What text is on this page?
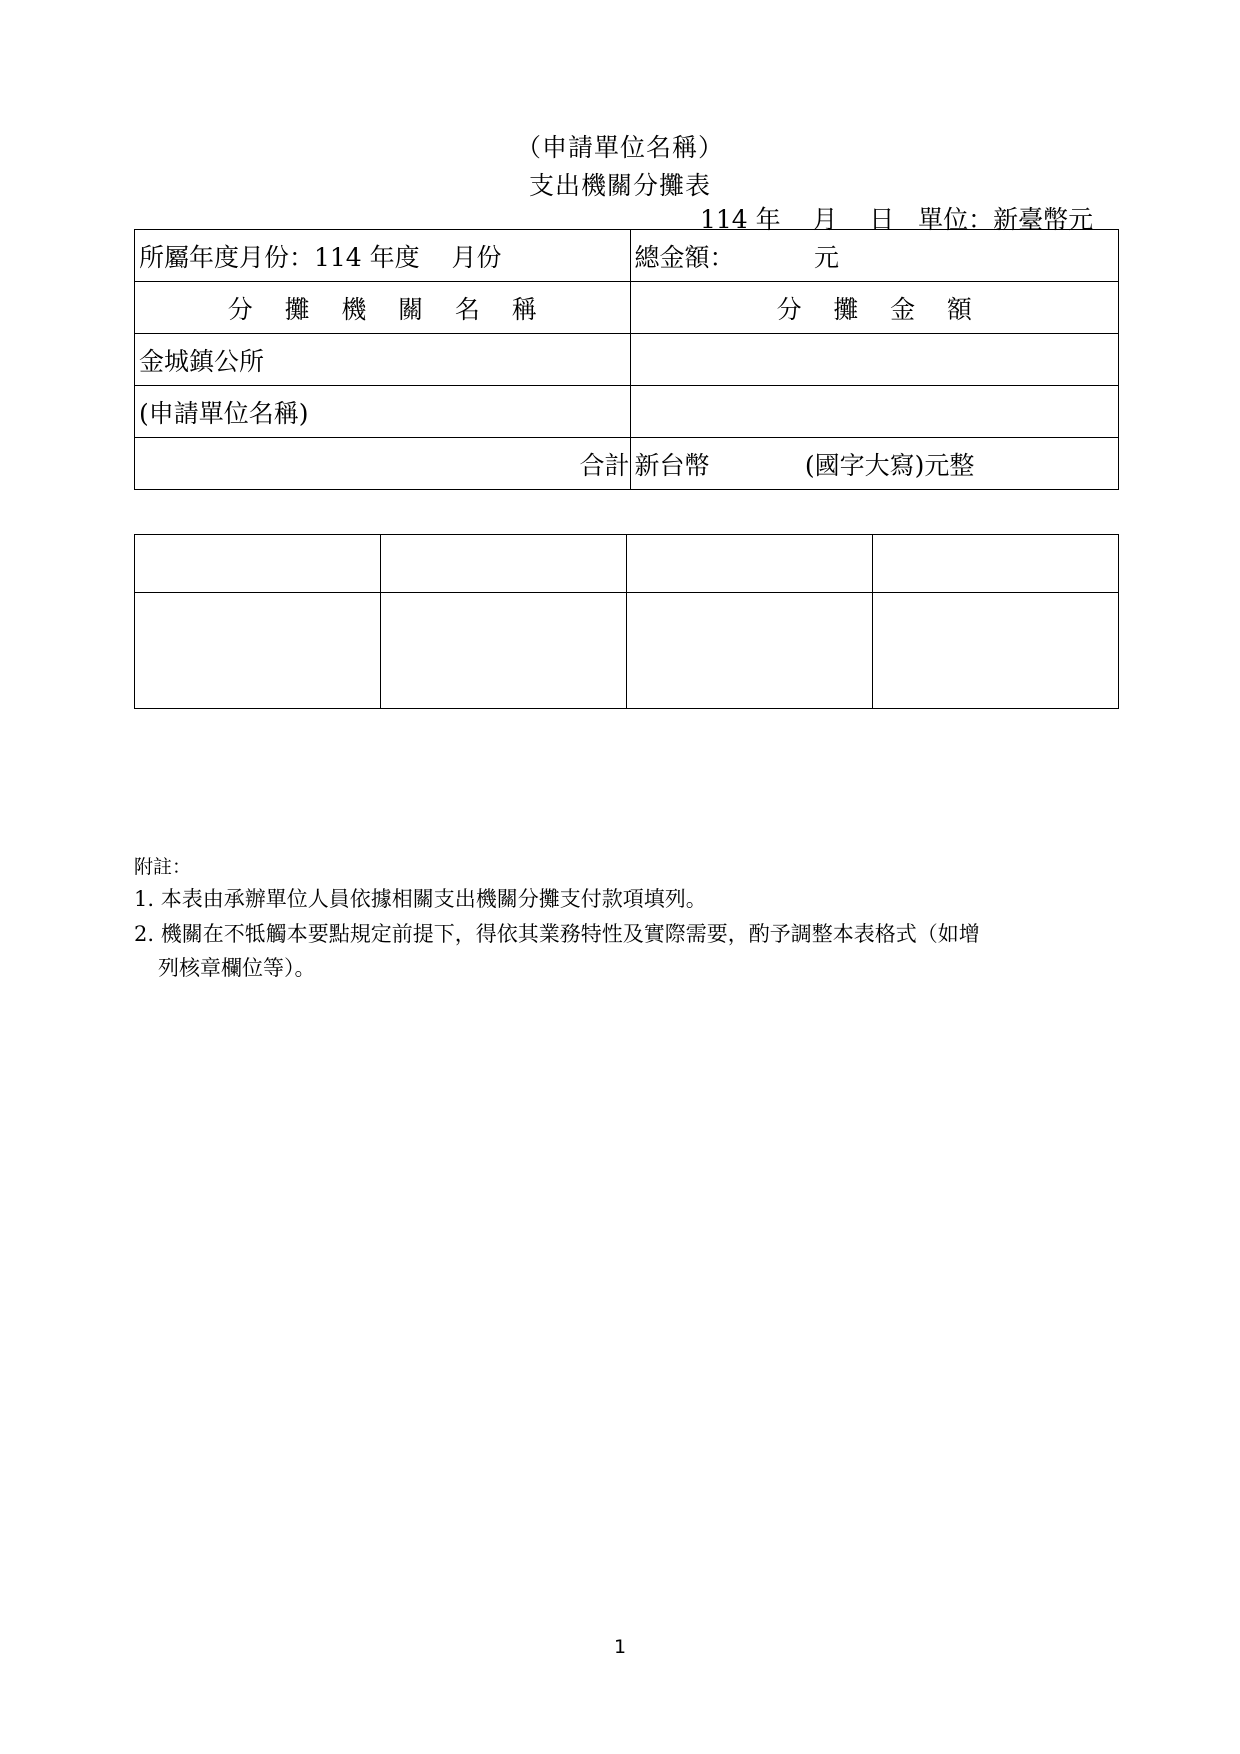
（申請單位名稱）
支出機關分攤表
114 年    月    日   單位：新臺幣元
所屬年度月份：114 年度    月份	總金額：          元
分    攤    機    關    名    稱	分    攤    金    額
金城鎮公所	
(申請單位名稱)	
合計	新台幣            (國字大寫)元整

附註：
1. 本表由承辦單位人員依據相關支出機關分攤支付款項填列。
2. 機關在不牴觸本要點規定前提下，得依其業務特性及實際需要，酌予調整本表格式（如增
列核章欄位等）。
1
